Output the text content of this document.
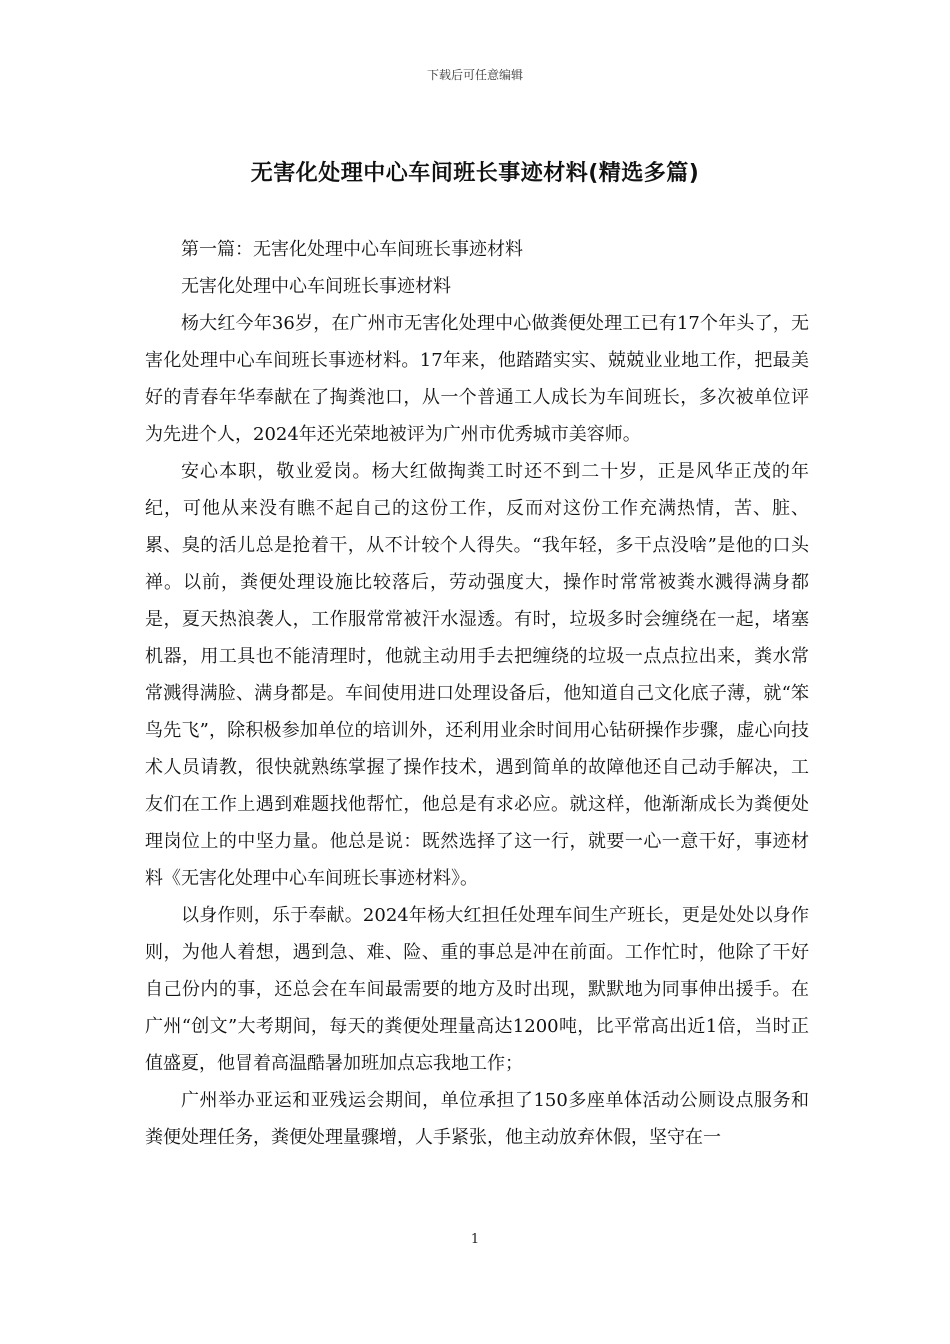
下载后可任意编辑
无害化处理中心车间班长事迹材料(精选多篇)

第一篇：无害化处理中心车间班长事迹材料

无害化处理中心车间班长事迹材料

杨大红今年36岁，在广州市无害化处理中心做粪便处理工已有17个年头了，无害化处理中心车间班长事迹材料。17年来，他踏踏实实、兢兢业业地工作，把最美好的青春年华奉献在了掏粪池口，从一个普通工人成长为车间班长，多次被单位评为先进个人，2024年还光荣地被评为广州市优秀城市美容师。

安心本职，敬业爱岗。杨大红做掏粪工时还不到二十岁，正是风华正茂的年纪，可他从来没有瞧不起自己的这份工作，反而对这份工作充满热情，苦、脏、累、臭的活儿总是抢着干，从不计较个人得失。“我年轻，多干点没啥”是他的口头禅。以前，粪便处理设施比较落后，劳动强度大，操作时常常被粪水溅得满身都是，夏天热浪袭人，工作服常常被汗水湿透。有时，垃圾多时会缠绕在一起，堵塞机器，用工具也不能清理时，他就主动用手去把缠绕的垃圾一点点拉出来，粪水常常溅得满脸、满身都是。车间使用进口处理设备后，他知道自己文化底子薄，就“笨鸟先飞”，除积极参加单位的培训外，还利用业余时间用心钻研操作步骤，虚心向技术人员请教，很快就熟练掌握了操作技术，遇到简单的故障他还自己动手解决，工友们在工作上遇到难题找他帮忙，他总是有求必应。就这样，他渐渐成长为粪便处理岗位上的中坚力量。他总是说：既然选择了这一行，就要一心一意干好，事迹材料《无害化处理中心车间班长事迹材料》。

以身作则，乐于奉献。2024年杨大红担任处理车间生产班长，更是处处以身作则，为他人着想，遇到急、难、险、重的事总是冲在前面。工作忙时，他除了干好自己份内的事，还总会在车间最需要的地方及时出现，默默地为同事伸出援手。在广州“创文”大考期间，每天的粪便处理量高达1200吨，比平常高出近1倍，当时正值盛夏，他冒着高温酷暑加班加点忘我地工作；

广州举办亚运和亚残运会期间，单位承担了150多座单体活动公厕设点服务和粪便处理任务，粪便处理量骤增，人手紧张，他主动放弃休假，坚守在一

1
